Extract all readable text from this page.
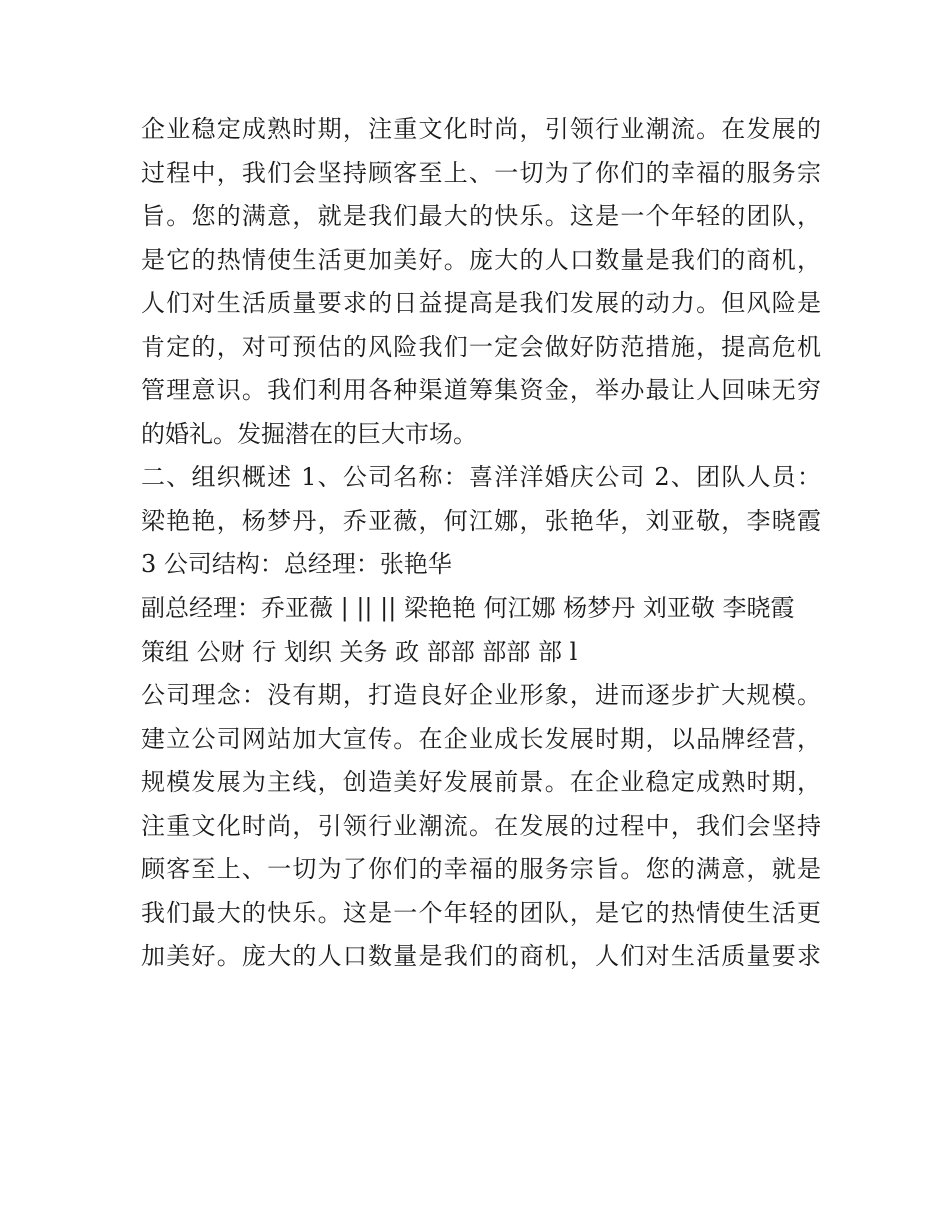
企业稳定成熟时期，注重文化时尚，引领行业潮流。在发展的
过程中，我们会坚持顾客至上、一切为了你们的幸福的服务宗
旨。您的满意，就是我们最大的快乐。这是一个年轻的团队，
是它的热情使生活更加美好。庞大的人口数量是我们的商机，
人们对生活质量要求的日益提高是我们发展的动力。但风险是
肯定的，对可预估的风险我们一定会做好防范措施，提高危机
管理意识。我们利用各种渠道筹集资金，举办最让人回味无穷
的婚礼。发掘潜在的巨大市场。
二、组织概述 1、公司名称：喜洋洋婚庆公司 2、团队人员：
梁艳艳，杨梦丹，乔亚薇，何江娜，张艳华，刘亚敬，李晓霞
3 公司结构：总经理：张艳华
副总经理：乔亚薇 | || || 梁艳艳 何江娜 杨梦丹 刘亚敬 李晓霞
策组 公财 行 划织 关务 政 部部 部部 部 l
公司理念：没有期，打造良好企业形象，进而逐步扩大规模。
建立公司网站加大宣传。在企业成长发展时期，以品牌经营，
规模发展为主线，创造美好发展前景。在企业稳定成熟时期，
注重文化时尚，引领行业潮流。在发展的过程中，我们会坚持
顾客至上、一切为了你们的幸福的服务宗旨。您的满意，就是
我们最大的快乐。这是一个年轻的团队，是它的热情使生活更
加美好。庞大的人口数量是我们的商机，人们对生活质量要求
